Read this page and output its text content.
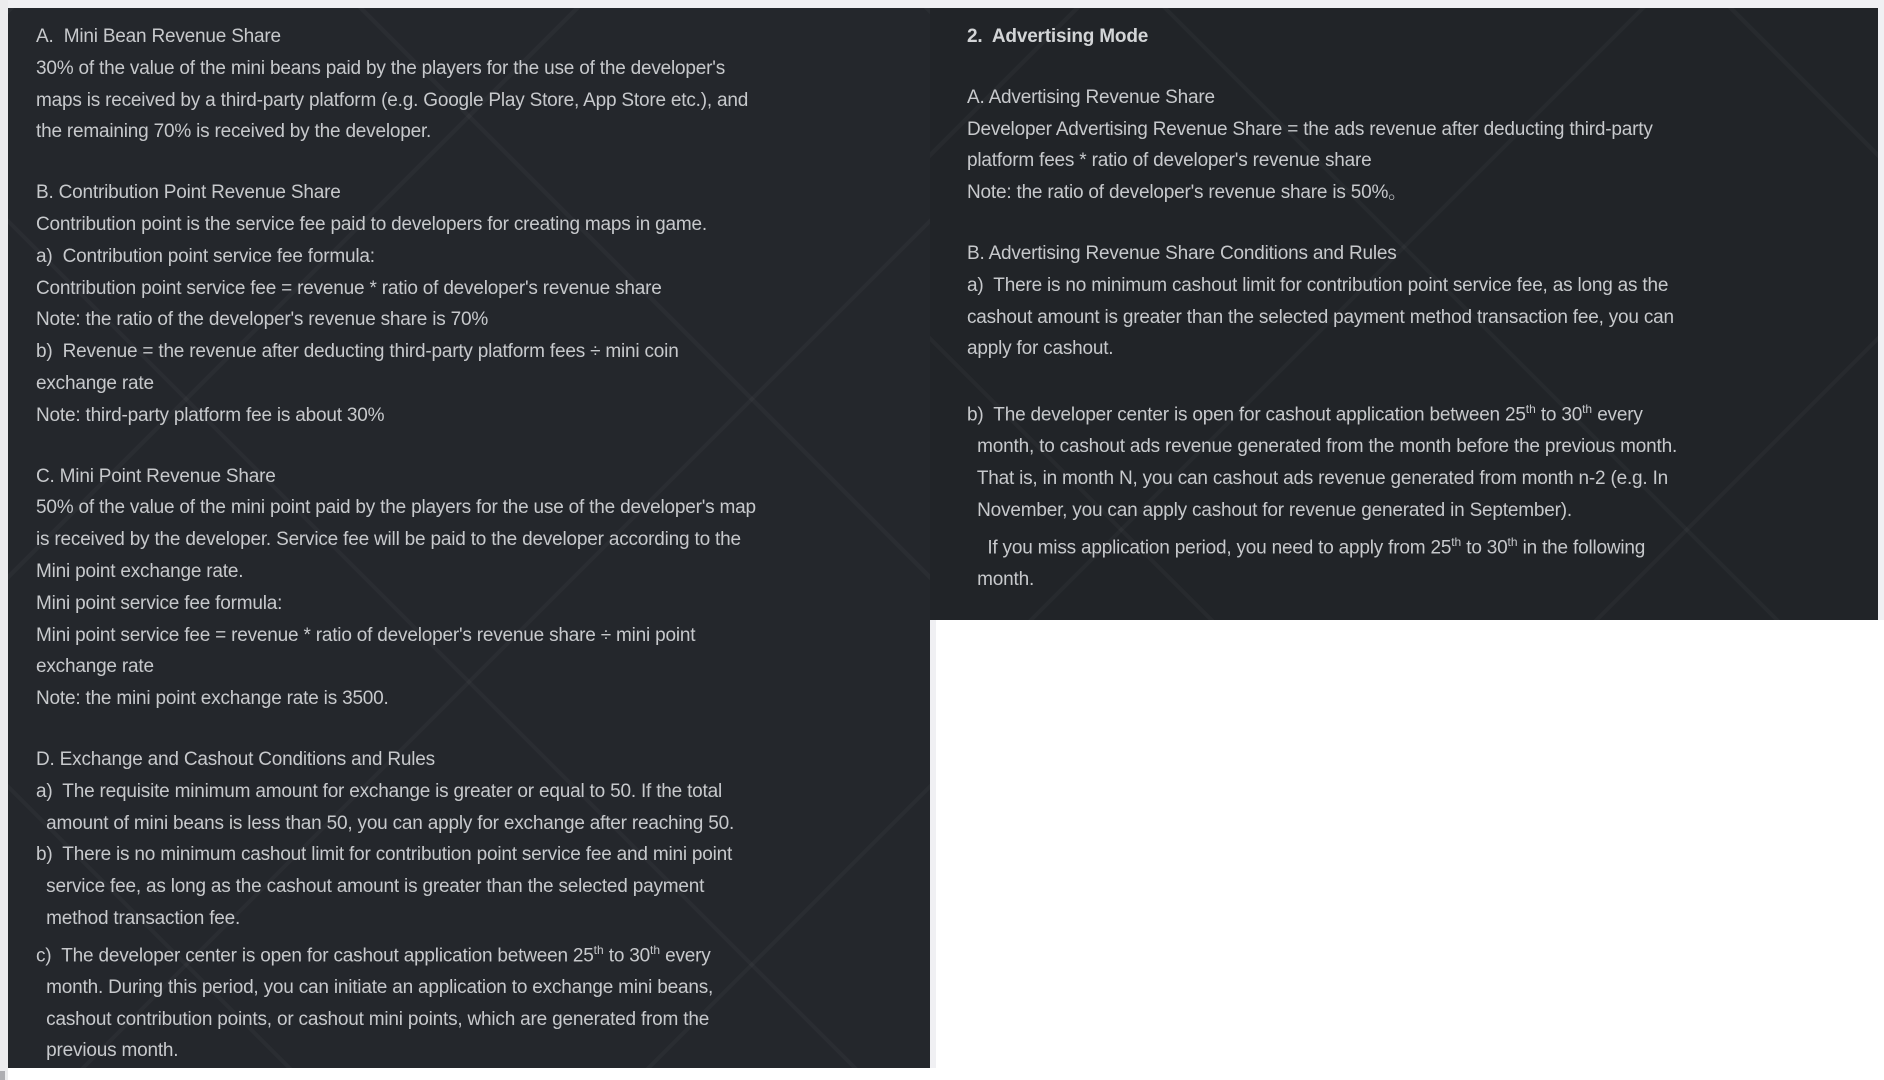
A.  Mini Bean Revenue Share
30% of the value of the mini beans paid by the players for the use of the developer's
maps is received by a third-party platform (e.g. Google Play Store, App Store etc.), and
the remaining 70% is received by the developer.
B. Contribution Point Revenue Share
Contribution point is the service fee paid to developers for creating maps in game.
a)  Contribution point service fee formula:
Contribution point service fee = revenue * ratio of developer's revenue share
Note: the ratio of the developer's revenue share is 70%
b)  Revenue = the revenue after deducting third-party platform fees ÷ mini coin
exchange rate
Note: third-party platform fee is about 30%
C. Mini Point Revenue Share
50% of the value of the mini point paid by the players for the use of the developer's map
is received by the developer. Service fee will be paid to the developer according to the
Mini point exchange rate.
Mini point service fee formula:
Mini point service fee = revenue * ratio of developer's revenue share ÷ mini point
exchange rate
Note: the mini point exchange rate is 3500.
D. Exchange and Cashout Conditions and Rules
a)  The requisite minimum amount for exchange is greater or equal to 50. If the total
amount of mini beans is less than 50, you can apply for exchange after reaching 50.
b)  There is no minimum cashout limit for contribution point service fee and mini point
service fee, as long as the cashout amount is greater than the selected payment
method transaction fee.
c)  The developer center is open for cashout application between 25th to 30th every
month. During this period, you can initiate an application to exchange mini beans,
cashout contribution points, or cashout mini points, which are generated from the
previous month.
2.  Advertising Mode
A. Advertising Revenue Share
Developer Advertising Revenue Share = the ads revenue after deducting third-party
platform fees * ratio of developer's revenue share
Note: the ratio of developer's revenue share is 50%。
B. Advertising Revenue Share Conditions and Rules
a)  There is no minimum cashout limit for contribution point service fee, as long as the
cashout amount is greater than the selected payment method transaction fee, you can
apply for cashout.
b)  The developer center is open for cashout application between 25th to 30th every
month, to cashout ads revenue generated from the month before the previous month.
That is, in month N, you can cashout ads revenue generated from month n-2 (e.g. In
November, you can apply cashout for revenue generated in September).
If you miss application period, you need to apply from 25th to 30th in the following
month.
